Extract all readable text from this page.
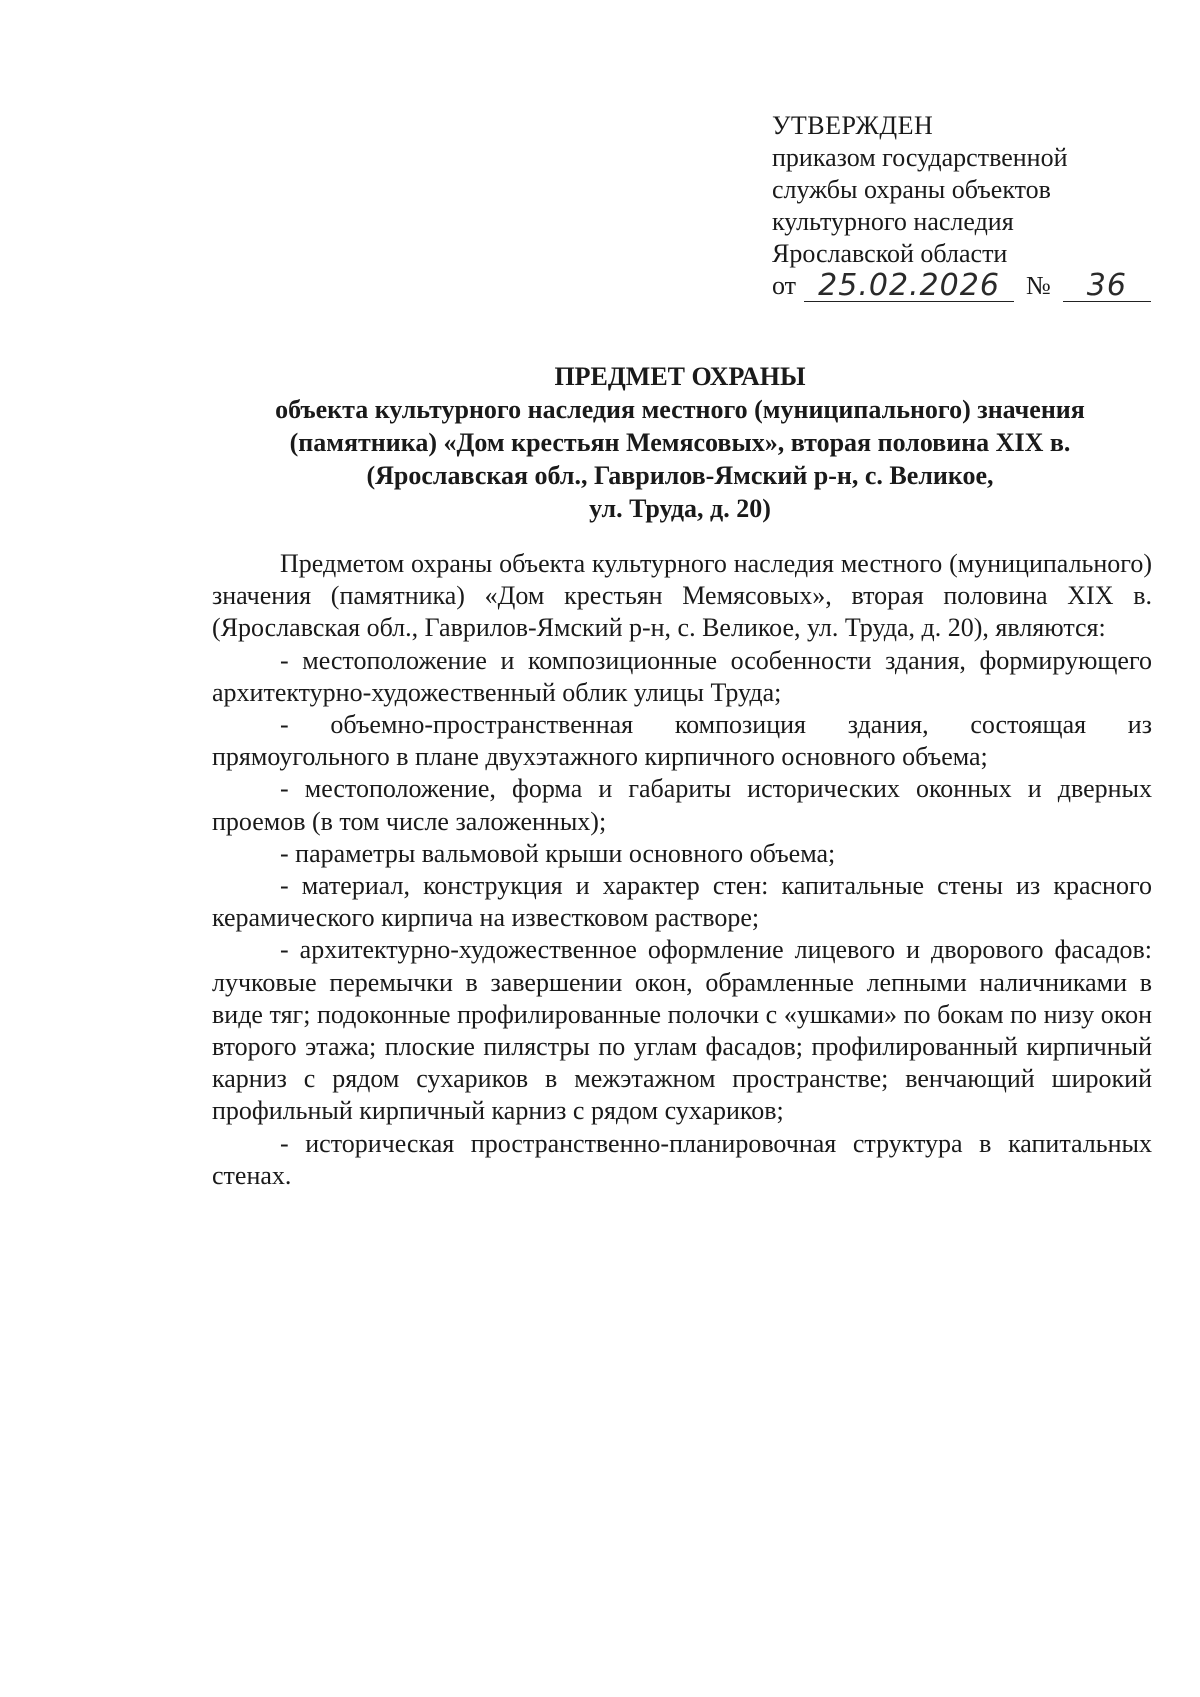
УТВЕРЖДЕН
приказом государственной
службы охраны объектов
культурного наследия
Ярославской области
от 25.02.2026	№	36
ПРЕДМЕТ ОХРАНЫ
объекта культурного наследия местного (муниципального) значения
(памятника) «Дом крестьян Мемясовых», вторая половина XIX в.
(Ярославская обл., Гаврилов-Ямский р-н, с. Великое,
ул. Труда, д. 20)

Предметом охраны объекта культурного наследия местного (муниципального) значения (памятника) «Дом крестьян Мемясовых», вторая половина XIX в. (Ярославская обл., Гаврилов-Ямский р-н, с. Великое, ул. Труда, д. 20), являются:

- местоположение и композиционные особенности здания, формирующего архитектурно-художественный облик улицы Труда;

- объемно-пространственная композиция здания, состоящая из прямоугольного в плане двухэтажного кирпичного основного объема;

- местоположение, форма и габариты исторических оконных и дверных проемов (в том числе заложенных);

- параметры вальмовой крыши основного объема;

- материал, конструкция и характер стен: капитальные стены из красного керамического кирпича на известковом растворе;

- архитектурно-художественное оформление лицевого и дворового фасадов: лучковые перемычки в завершении окон, обрамленные лепными наличниками в виде тяг; подоконные профилированные полочки с «ушками» по бокам по низу окон второго этажа; плоские пилястры по углам фасадов; профилированный кирпичный карниз с рядом сухариков в межэтажном пространстве; венчающий широкий профильный кирпичный карниз с рядом сухариков;

- историческая пространственно-планировочная структура в капитальных стенах.
